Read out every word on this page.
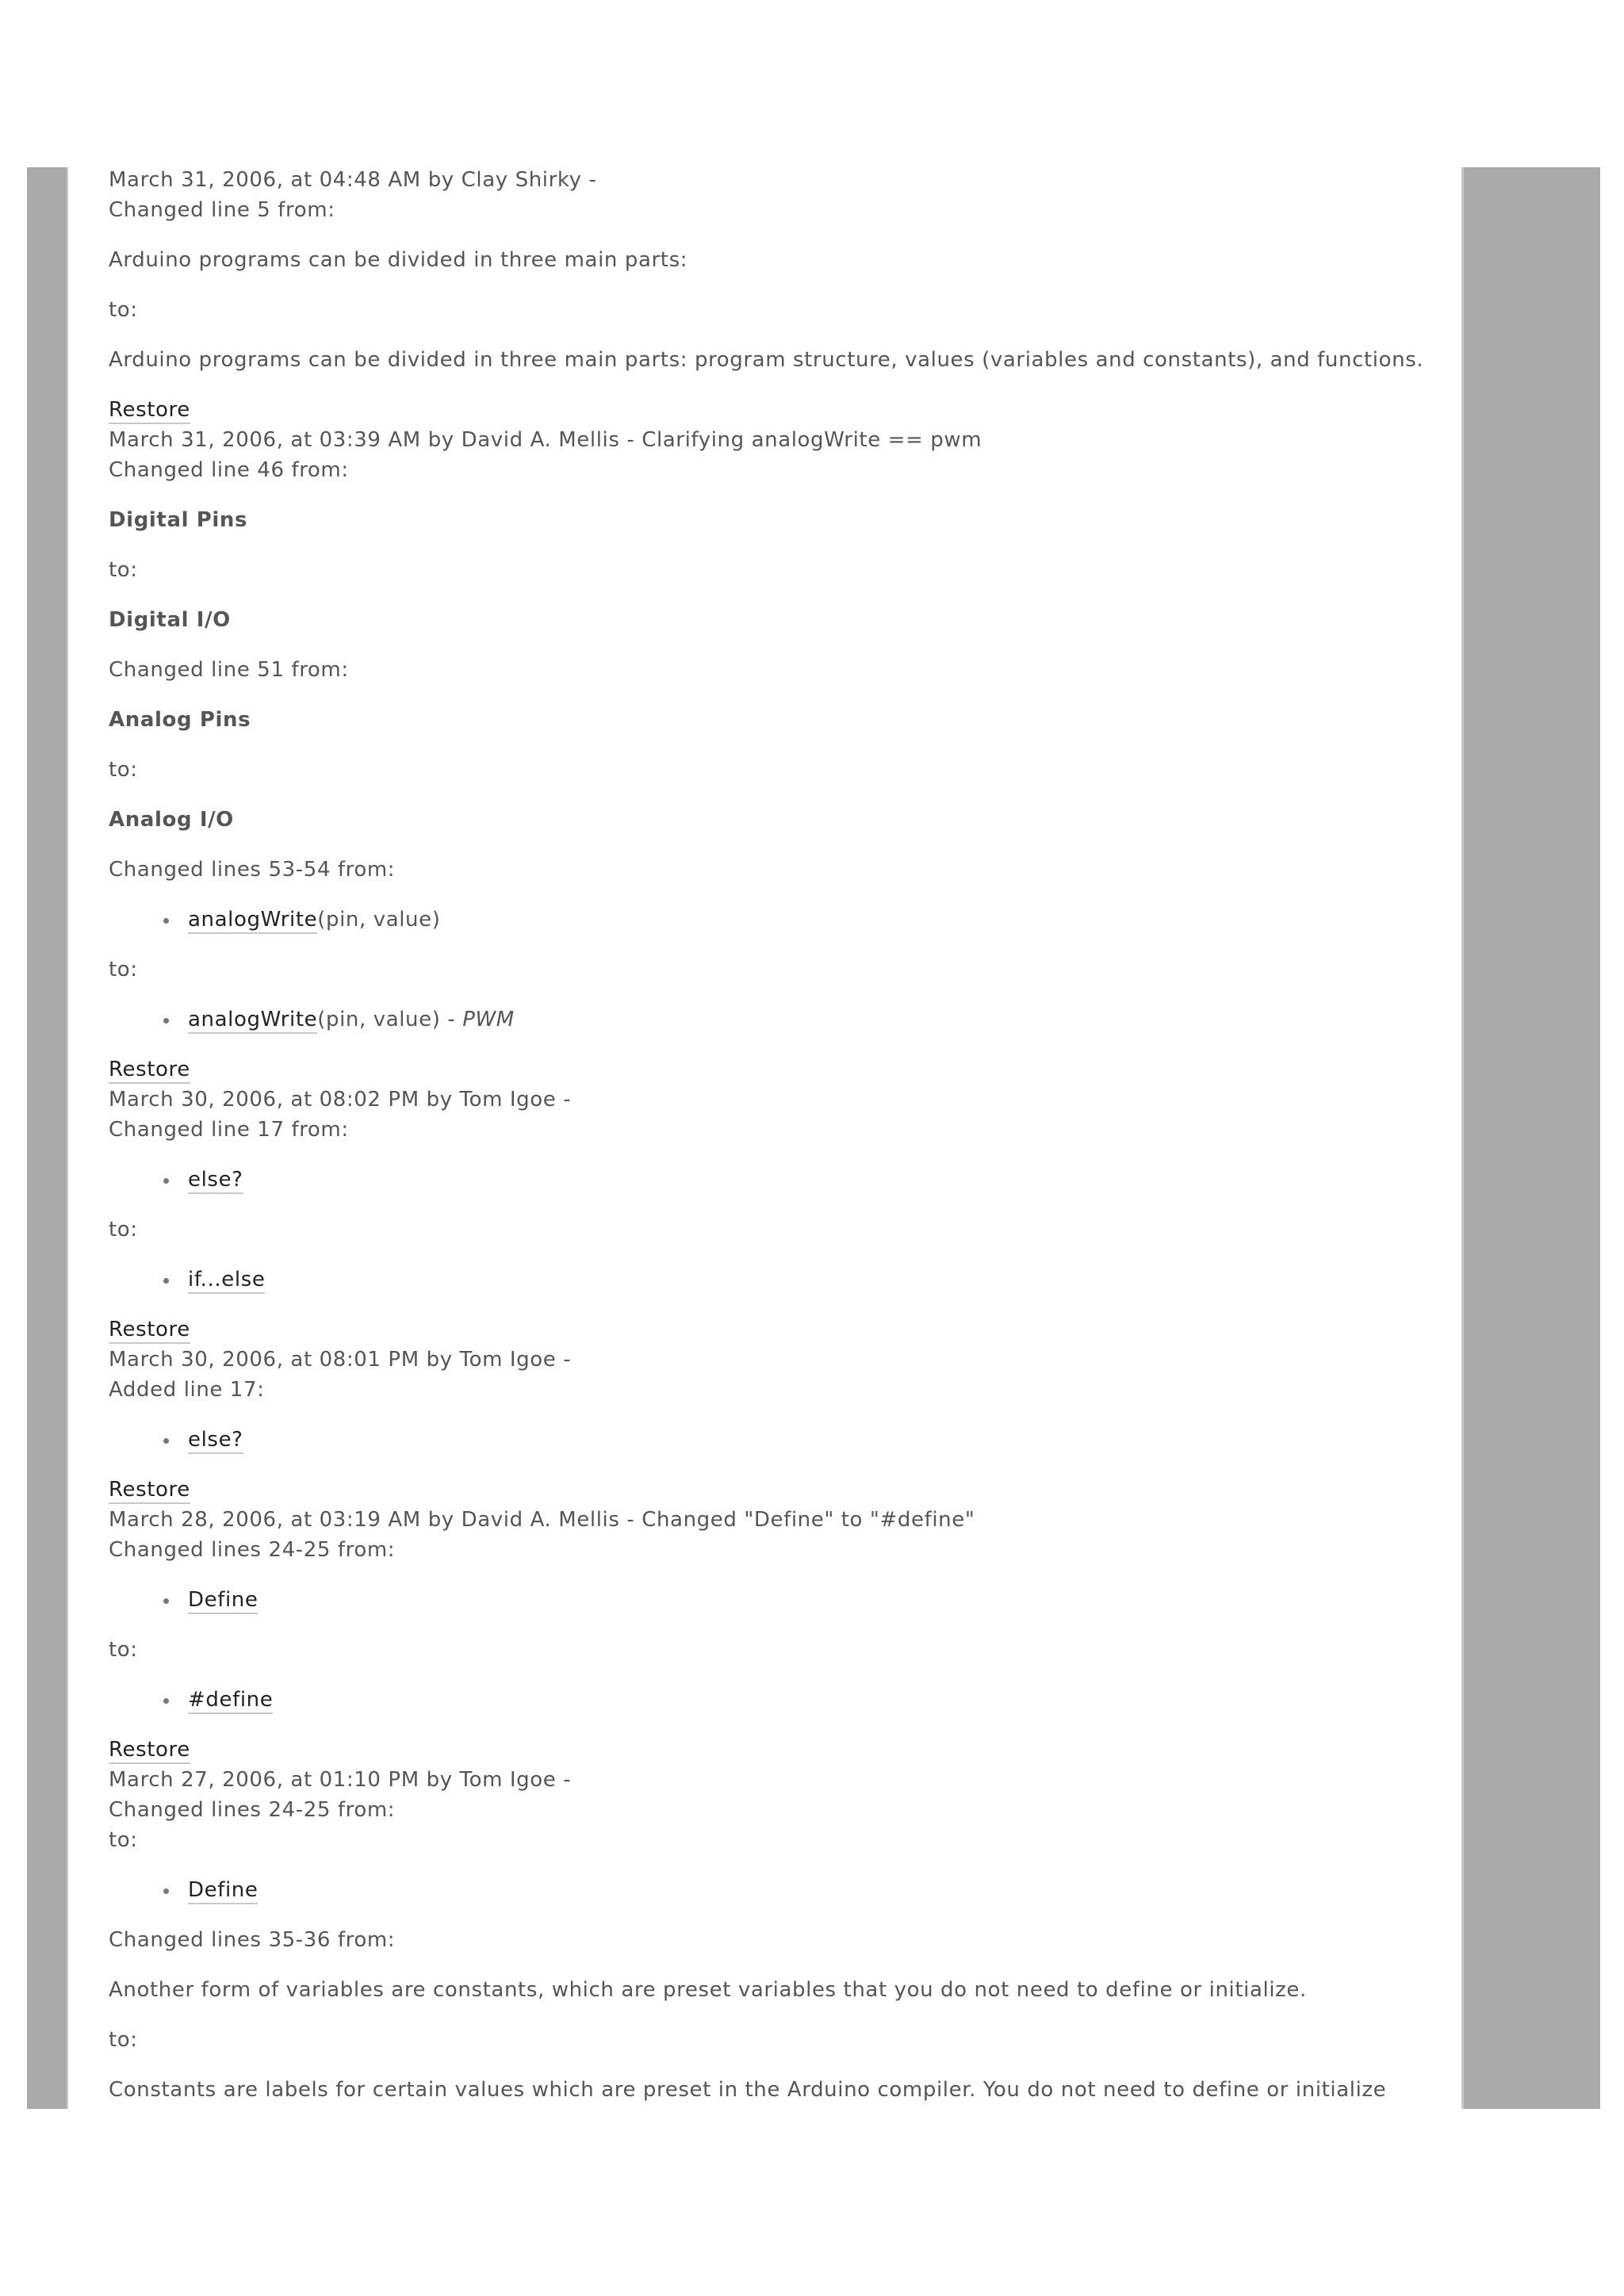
March 31, 2006, at 04:48 AM by Clay Shirky -

Changed line 5 from:

Arduino programs can be divided in three main parts:

to:

Arduino programs can be divided in three main parts: program structure, values (variables and constants), and functions.

Restore
March 31, 2006, at 03:39 AM by David A. Mellis - Clarifying analogWrite == pwm

Changed line 46 from:

Digital Pins

to:

Digital I/O

Changed line 51 from:

Analog Pins

to:

Analog I/O

Changed lines 53-54 from:

analogWrite(pin, value)

to:

analogWrite(pin, value) - PWM
Restore
March 30, 2006, at 08:02 PM by Tom Igoe -

Changed line 17 from:

else?

to:

if...else
Restore
March 30, 2006, at 08:01 PM by Tom Igoe -

Added line 17:

else?
Restore
March 28, 2006, at 03:19 AM by David A. Mellis - Changed "Define" to "#define"

Changed lines 24-25 from:

Define

to:

#define
Restore
March 27, 2006, at 01:10 PM by Tom Igoe -

Changed lines 24-25 from:

to:

Define

Changed lines 35-36 from:

Another form of variables are constants, which are preset variables that you do not need to define or initialize.

to:

Constants are labels for certain values which are preset in the Arduino compiler. You do not need to define or initialize
